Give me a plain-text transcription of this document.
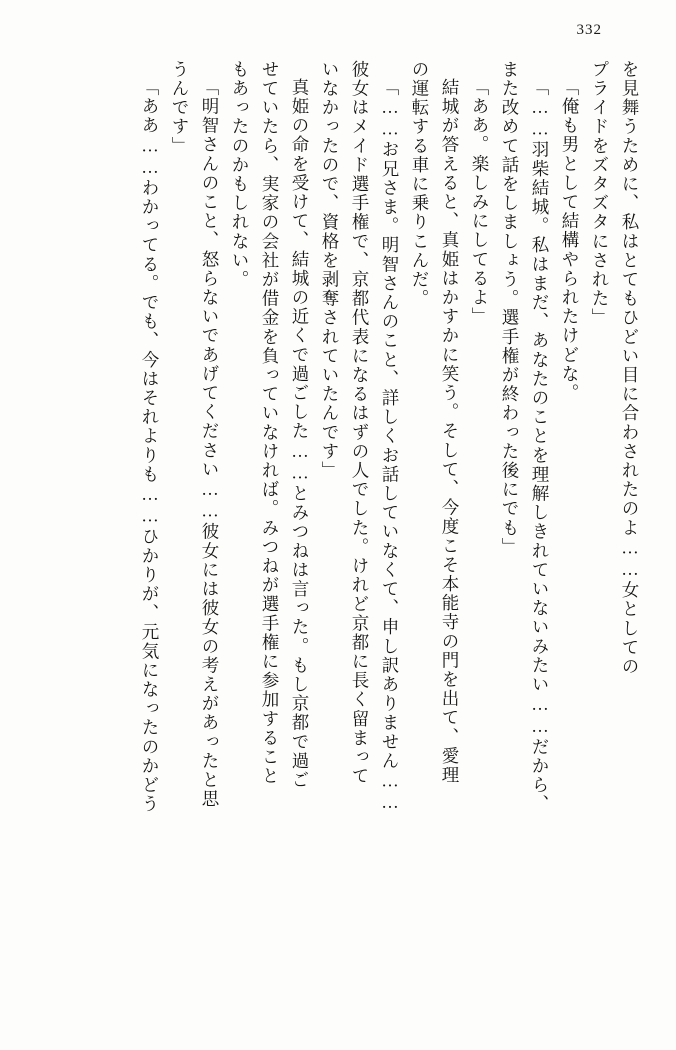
332
を見舞うために、私はとてもひどい目に合わされたのよ……女としての
プライドをズタズタにされた」
「俺も男として結構やられたけどな。
「……羽柴結城。私はまだ、あなたのことを理解しきれていないみたい……だから、
また改めて話をしましょう。選手権が終わった後にでも」
「ああ。楽しみにしてるよ」
結城が答えると、真姫はかすかに笑う。そして、今度こそ本能寺の門を出て、愛理
の運転する車に乗りこんだ。
「……お兄さま。明智さんのこと、詳しくお話していなくて、申し訳ありません……
彼女はメイド選手権で、京都代表になるはずの人でした。けれど京都に長く留まって
いなかったので、資格を剥奪されていたんです」
真姫の命を受けて、結城の近くで過ごした……とみつねは言った。もし京都で過ご
せていたら、実家の会社が借金を負っていなければ。みつねが選手権に参加すること
もあったのかもしれない。
「明智さんのこと、怒らないであげてください……彼女には彼女の考えがあったと思
うんです」
「ああ……わかってる。でも、今はそれよりも……ひかりが、元気になったのかどう
